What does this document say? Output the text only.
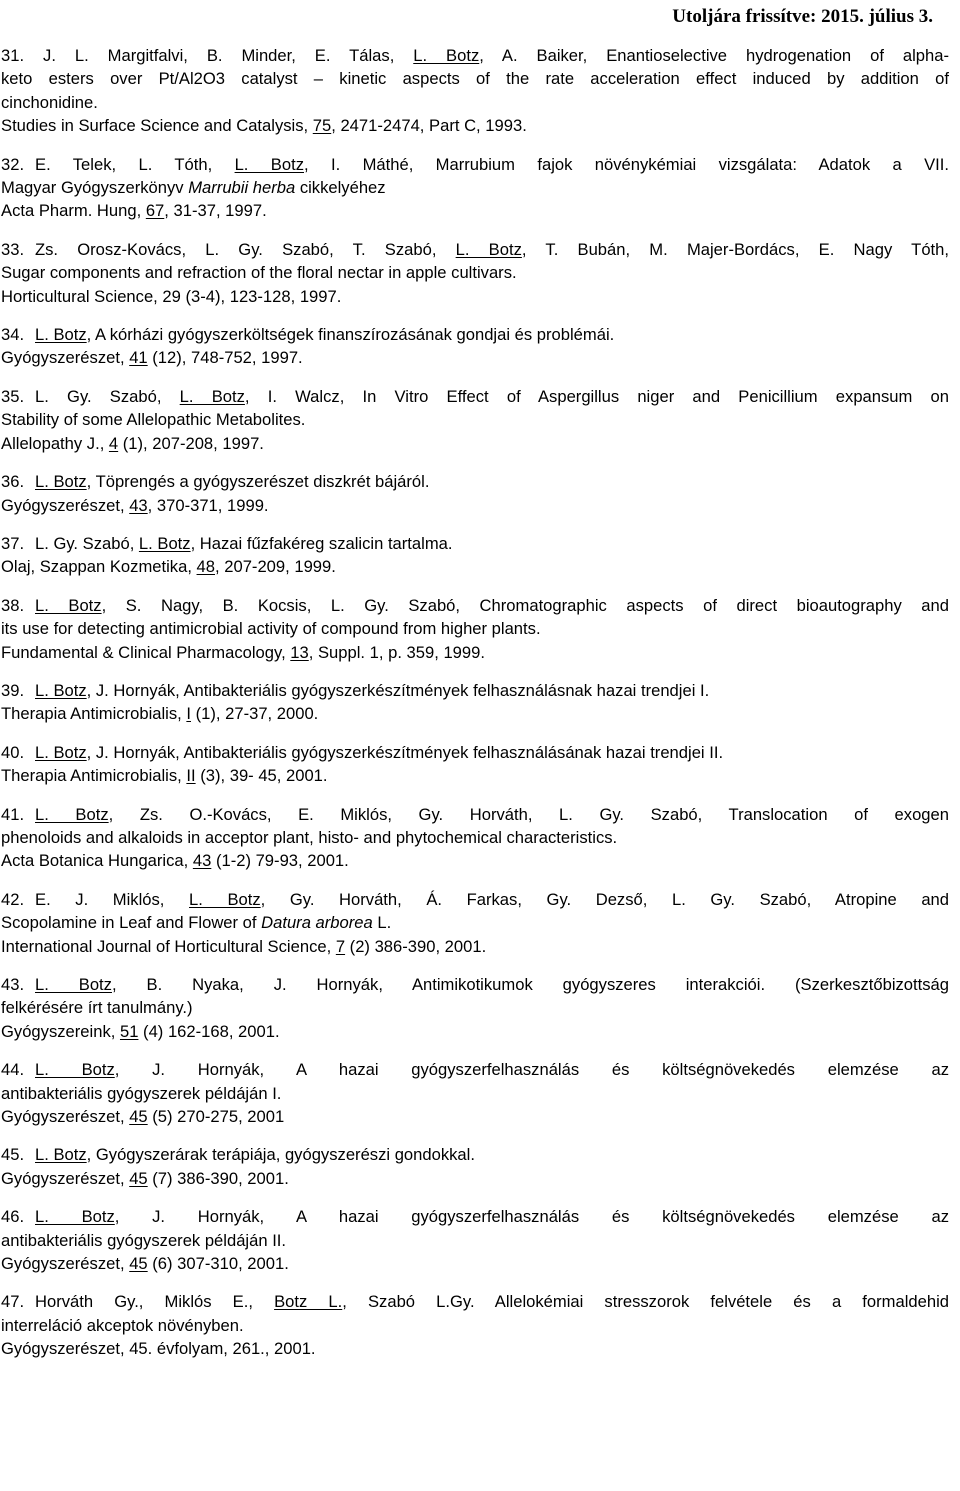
Utoljára frissítve: 2015. július 3.
31. J. L. Margitfalvi, B. Minder, E. Tálas, L. Botz, A. Baiker, Enantioselective hydrogenation of alpha-
keto esters over Pt/Al2O3 catalyst – kinetic aspects of the rate acceleration effect induced by addition of
cinchonidine.
Studies in Surface Science and Catalysis, 75, 2471-2474, Part C, 1993.
32. E. Telek, L. Tóth, L. Botz, I. Máthé, Marrubium fajok növénykémiai vizsgálata: Adatok a VII.
Magyar Gyógyszerkönyv Marrubii herba cikkelyéhez
Acta Pharm. Hung, 67, 31-37, 1997.
33. Zs. Orosz-Kovács, L. Gy. Szabó, T. Szabó, L. Botz, T. Bubán, M. Majer-Bordács, E. Nagy Tóth,
Sugar components and refraction of the floral nectar in apple cultivars.
Horticultural Science, 29 (3-4), 123-128, 1997.
34. L. Botz, A kórházi gyógyszerköltségek finanszírozásának gondjai és problémái.
Gyógyszerészet, 41 (12), 748-752, 1997.
35. L. Gy. Szabó, L. Botz, I. Walcz, In Vitro Effect of Aspergillus niger and Penicillium expansum on
Stability of some Allelopathic Metabolites.
Allelopathy J., 4 (1), 207-208, 1997.
36. L. Botz, Töprengés a gyógyszerészet diszkrét bájáról.
Gyógyszerészet, 43, 370-371, 1999.
37. L. Gy. Szabó, L. Botz, Hazai fűzfakéreg szalicin tartalma.
Olaj, Szappan Kozmetika, 48, 207-209, 1999.
38. L. Botz, S. Nagy, B. Kocsis, L. Gy. Szabó, Chromatographic aspects of direct bioautography and
its use for detecting antimicrobial activity of compound from higher plants.
Fundamental & Clinical Pharmacology, 13, Suppl. 1, p. 359, 1999.
39. L. Botz, J. Hornyák, Antibakteriális gyógyszerkészítmények felhasználásnak hazai trendjei I.
Therapia Antimicrobialis, I (1), 27-37, 2000.
40. L. Botz, J. Hornyák, Antibakteriális gyógyszerkészítmények felhasználásának hazai trendjei II.
Therapia Antimicrobialis, II (3), 39- 45, 2001.
41. L. Botz, Zs. O.-Kovács, E. Miklós, Gy. Horváth, L. Gy. Szabó, Translocation of exogen
phenoloids and alkaloids in acceptor plant, histo- and phytochemical characteristics.
Acta Botanica Hungarica, 43 (1-2) 79-93, 2001.
42. E. J. Miklós, L. Botz, Gy. Horváth, Á. Farkas, Gy. Dezső, L. Gy. Szabó, Atropine and
Scopolamine in Leaf and Flower of Datura arborea L.
International Journal of Horticultural Science, 7 (2) 386-390, 2001.
43. L. Botz, B. Nyaka, J. Hornyák, Antimikotikumok gyógyszeres interakciói. (Szerkesztőbizottság
felkérésére írt tanulmány.)
Gyógyszereink, 51 (4) 162-168, 2001.
44. L. Botz, J. Hornyák, A hazai gyógyszerfelhasználás és költségnövekedés elemzése az
antibakteriális gyógyszerek példáján I.
Gyógyszerészet, 45 (5) 270-275, 2001
45. L. Botz, Gyógyszerárak terápiája, gyógyszerészi gondokkal.
Gyógyszerészet, 45 (7) 386-390, 2001.
46. L. Botz, J. Hornyák, A hazai gyógyszerfelhasználás és költségnövekedés elemzése az
antibakteriális gyógyszerek példáján II.
Gyógyszerészet, 45 (6) 307-310, 2001.
47. Horváth Gy., Miklós E., Botz L., Szabó L.Gy. Allelokémiai stresszorok felvétele és a formaldehid
interreláció akceptok növényben.
Gyógyszerészet, 45. évfolyam, 261., 2001.
